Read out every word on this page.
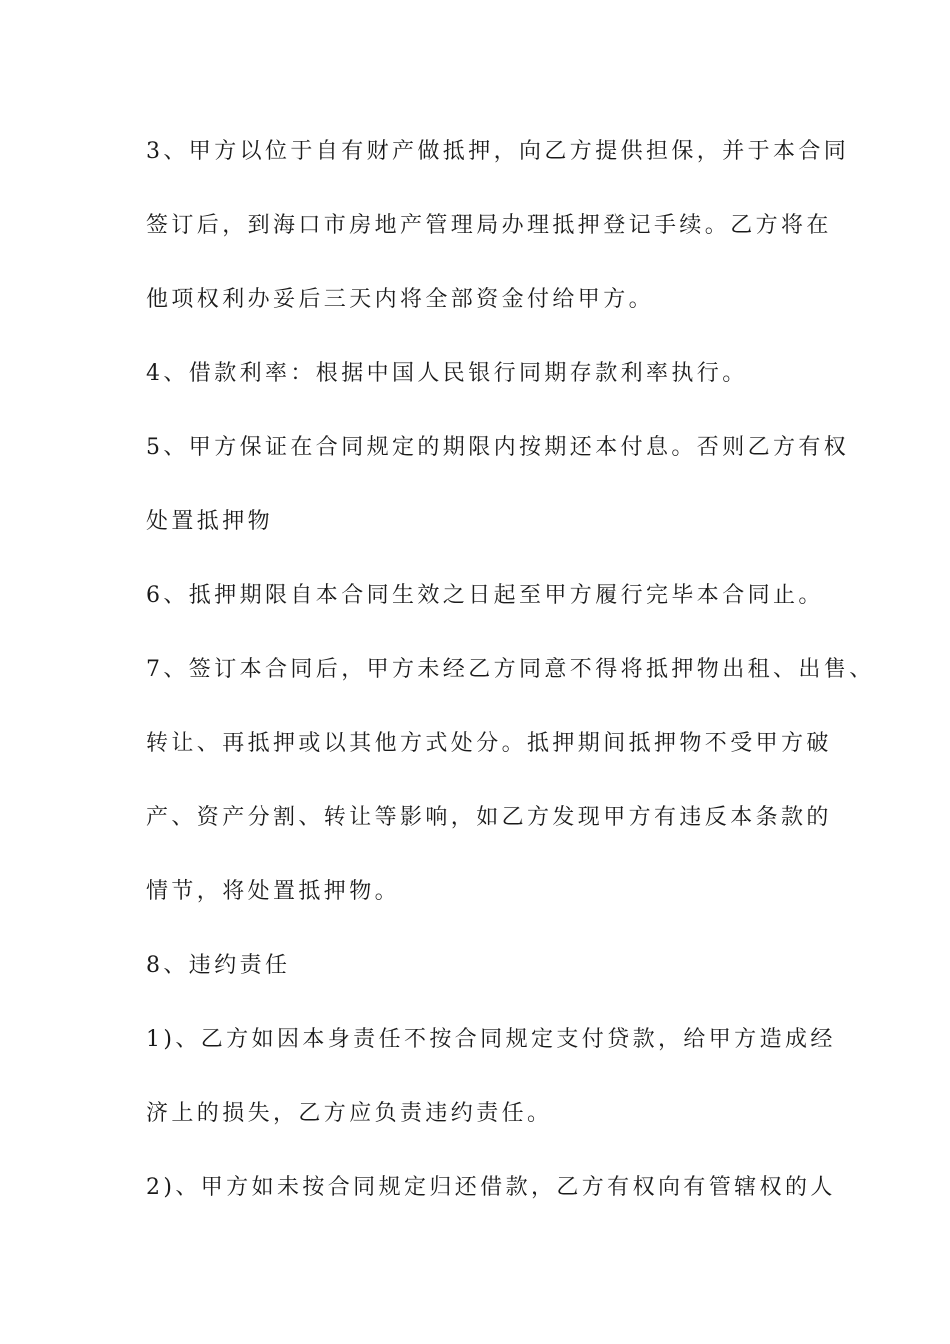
3、甲方以位于自有财产做抵押，向乙方提供担保，并于本合同
签订后，到海口市房地产管理局办理抵押登记手续。乙方将在
他项权利办妥后三天内将全部资金付给甲方。
4、借款利率：根据中国人民银行同期存款利率执行。
5、甲方保证在合同规定的期限内按期还本付息。否则乙方有权
处置抵押物
6、抵押期限自本合同生效之日起至甲方履行完毕本合同止。
7、签订本合同后，甲方未经乙方同意不得将抵押物出租、出售、
转让、再抵押或以其他方式处分。抵押期间抵押物不受甲方破
产、资产分割、转让等影响，如乙方发现甲方有违反本条款的
情节，将处置抵押物。
8、违约责任
1)、乙方如因本身责任不按合同规定支付贷款，给甲方造成经
济上的损失，乙方应负责违约责任。
2)、甲方如未按合同规定归还借款，乙方有权向有管辖权的人
